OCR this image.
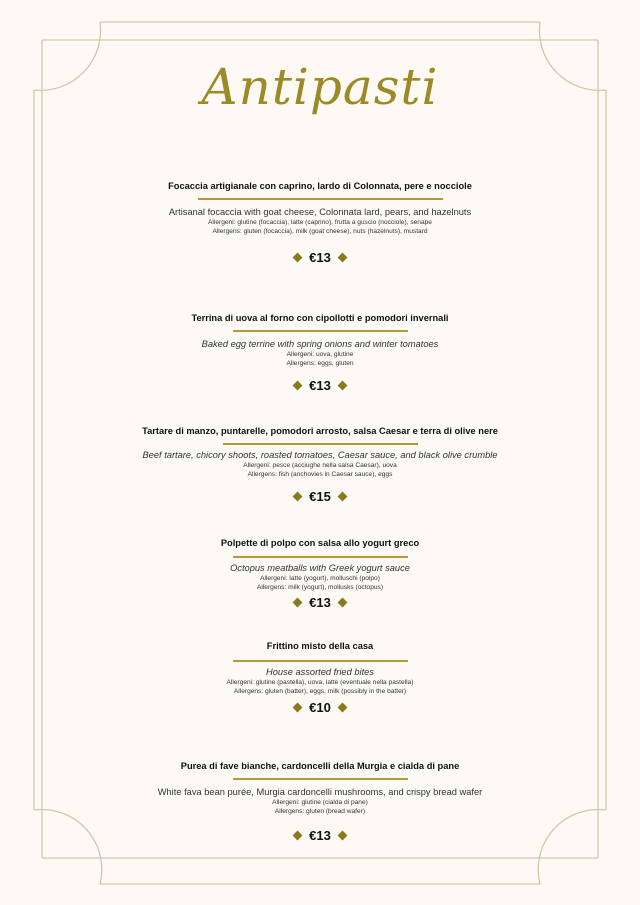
Antipasti
Focaccia artigianale con caprino, lardo di Colonnata, pere e nocciole
Artisanal focaccia with goat cheese, Colonnata lard, pears, and hazelnuts
Allergeni: glutine (focaccia), latte (caprino), frutta a guscio (nocciole), senape
Allergens: gluten (focaccia), milk (goat cheese), nuts (hazelnuts), mustard
€13
Terrina di uova al forno con cipollotti e pomodori invernali
Baked egg terrine with spring onions and winter tomatoes
Allergeni: uova, glutine
Allergens: eggs, gluten
€13
Tartare di manzo, puntarelle, pomodori arrosto, salsa Caesar e terra di olive nere
Beef tartare, chicory shoots, roasted tomatoes, Caesar sauce, and black olive crumble
Allergeni: pesce (acciughe nella salsa Caesar), uova
Allergens: fish (anchovies in Caesar sauce), eggs
€15
Polpette di polpo con salsa allo yogurt greco
Octopus meatballs with Greek yogurt sauce
Allergeni: latte (yogurt), molluschi (polpo)
Allergens: milk (yogurt), mollusks (octopus)
€13
Frittino misto della casa
House assorted fried bites
Allergeni: glutine (pastella), uova, latte (eventuale nella pastella)
Allergens: gluten (batter), eggs, milk (possibly in the batter)
€10
Purea di fave bianche, cardoncelli della Murgia e cialda di pane
White fava bean purée, Murgia cardoncelli mushrooms, and crispy bread wafer
Allergeni: glutine (cialda di pane)
Allergens: gluten (bread wafer)
€13
